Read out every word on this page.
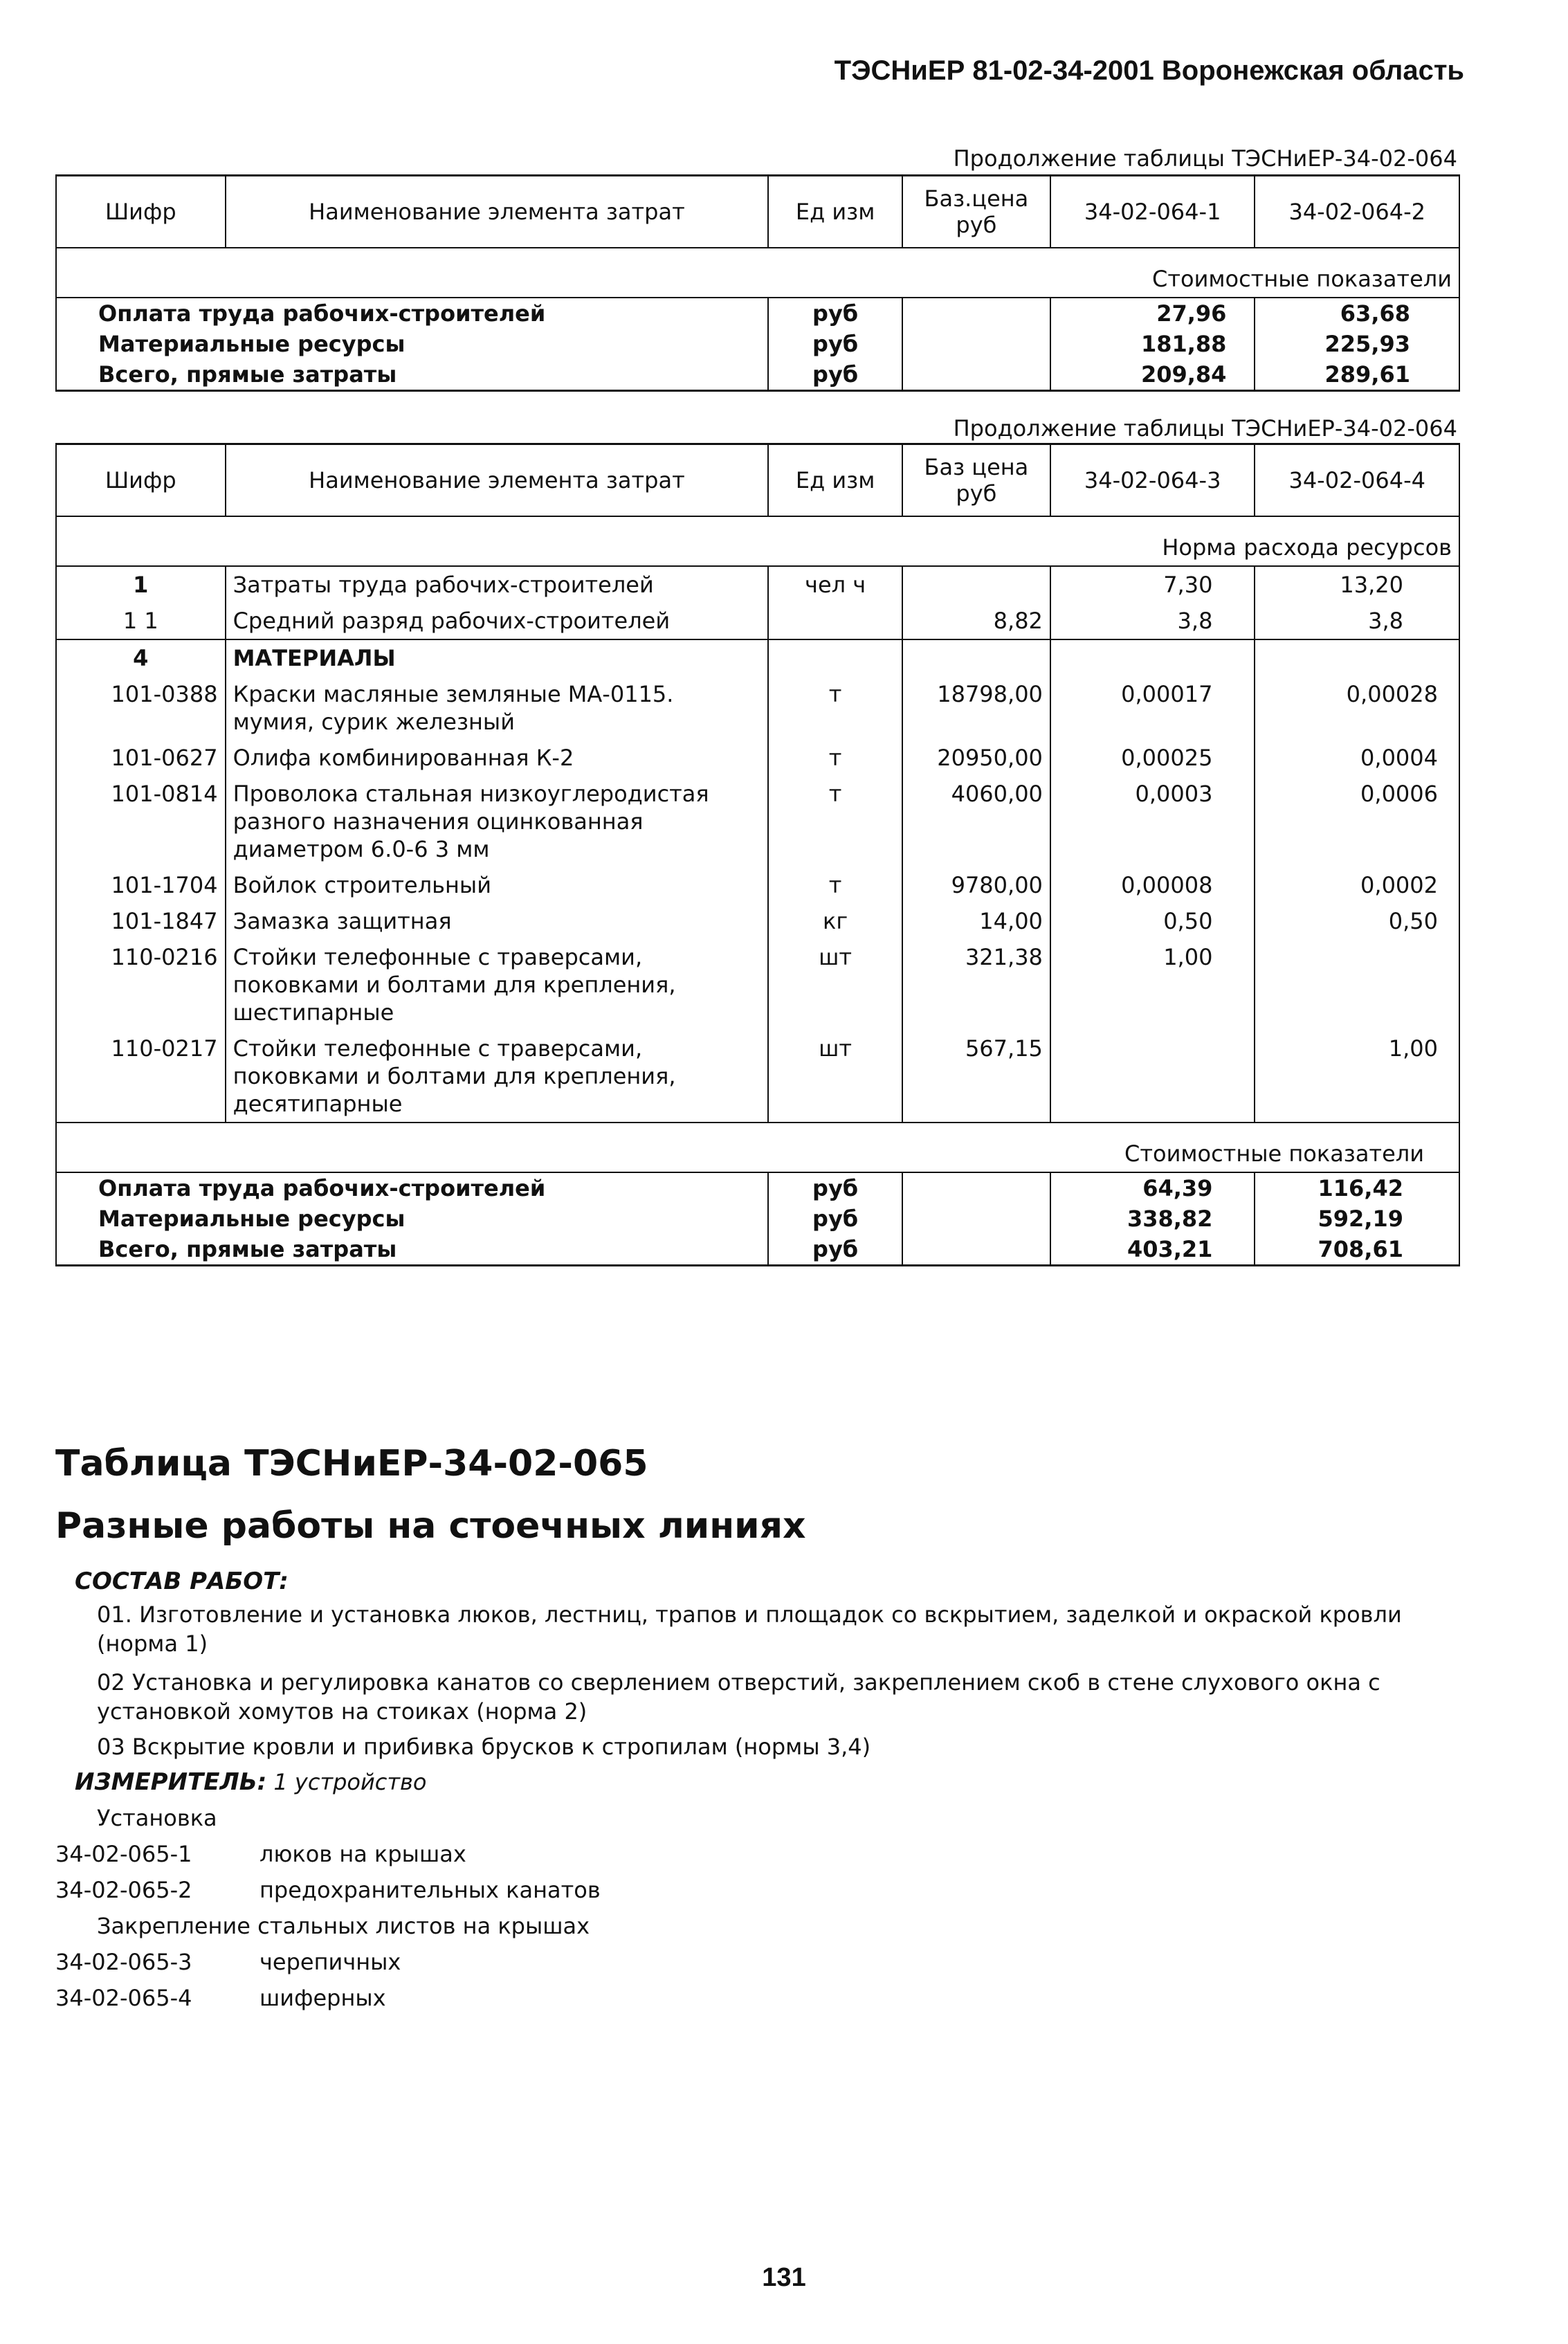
ТЭСНиЕР 81-02-34-2001 Воронежская область
Продолжение таблицы ТЭСНиЕР-34-02-064
Шифр	Наименование элемента затрат	Ед изм	Баз.цена руб	34-02-064-1	34-02-064-2
Стоимостные показатели					
Оплата труда рабочих-строителей		руб		27,96	63,68
Материальные ресурсы		руб		181,88	225,93
Всего, прямые затраты		руб		209,84	289,61
Продолжение таблицы ТЭСНиЕР-34-02-064
Шифр	Наименование элемента затрат	Ед изм	Баз цена руб	34-02-064-3	34-02-064-4
Норма расхода ресурсов					
1	Затраты труда рабочих-строителей	чел ч		7,30	13,20
1 1	Средний разряд рабочих-строителей		8,82	3,8	3,8
4	МАТЕРИАЛЫ				
101-0388	Краски масляные земляные МА-0115. мумия, сурик железный	т	18798,00	0,00017	0,00028
101-0627	Олифа комбинированная К-2	т	20950,00	0,00025	0,0004
101-0814	Проволока стальная низкоуглеродистая разного назначения оцинкованная диаметром 6.0-6 3 мм	т	4060,00	0,0003	0,0006
101-1704	Войлок строительный	т	9780,00	0,00008	0,0002
101-1847	Замазка защитная	кг	14,00	0,50	0,50
110-0216	Стойки телефонные с траверсами, поковками и болтами для крепления, шестипарные	шт	321,38	1,00	
110-0217	Стойки телефонные с траверсами, поковками и болтами для крепления, десятипарные	шт	567,15		1,00
Стоимостные показатели					
Оплата труда рабочих-строителей		руб		64,39	116,42
Материальные ресурсы		руб		338,82	592,19
Всего, прямые затраты		руб		403,21	708,61
Таблица ТЭСНиЕР-34-02-065
Разные работы на стоечных линиях
СОСТАВ РАБОТ:
01. Изготовление и установка люков, лестниц, трапов и площадок со вскрытием, заделкой и окраской кровли (норма 1)
02 Установка и регулировка канатов со сверлением отверстий, закреплением скоб в стене слухового окна с установкой хомутов на стоиках (норма 2)
03 Вскрытие кровли и прибивка брусков к стропилам (нормы 3,4)
ИЗМЕРИТЕЛЬ: 1 устройство
Установка
34-02-065-1	люков на крышах
34-02-065-2	предохранительных канатов
Закрепление стальных листов на крышах
34-02-065-3	черепичных
34-02-065-4	шиферных
131
